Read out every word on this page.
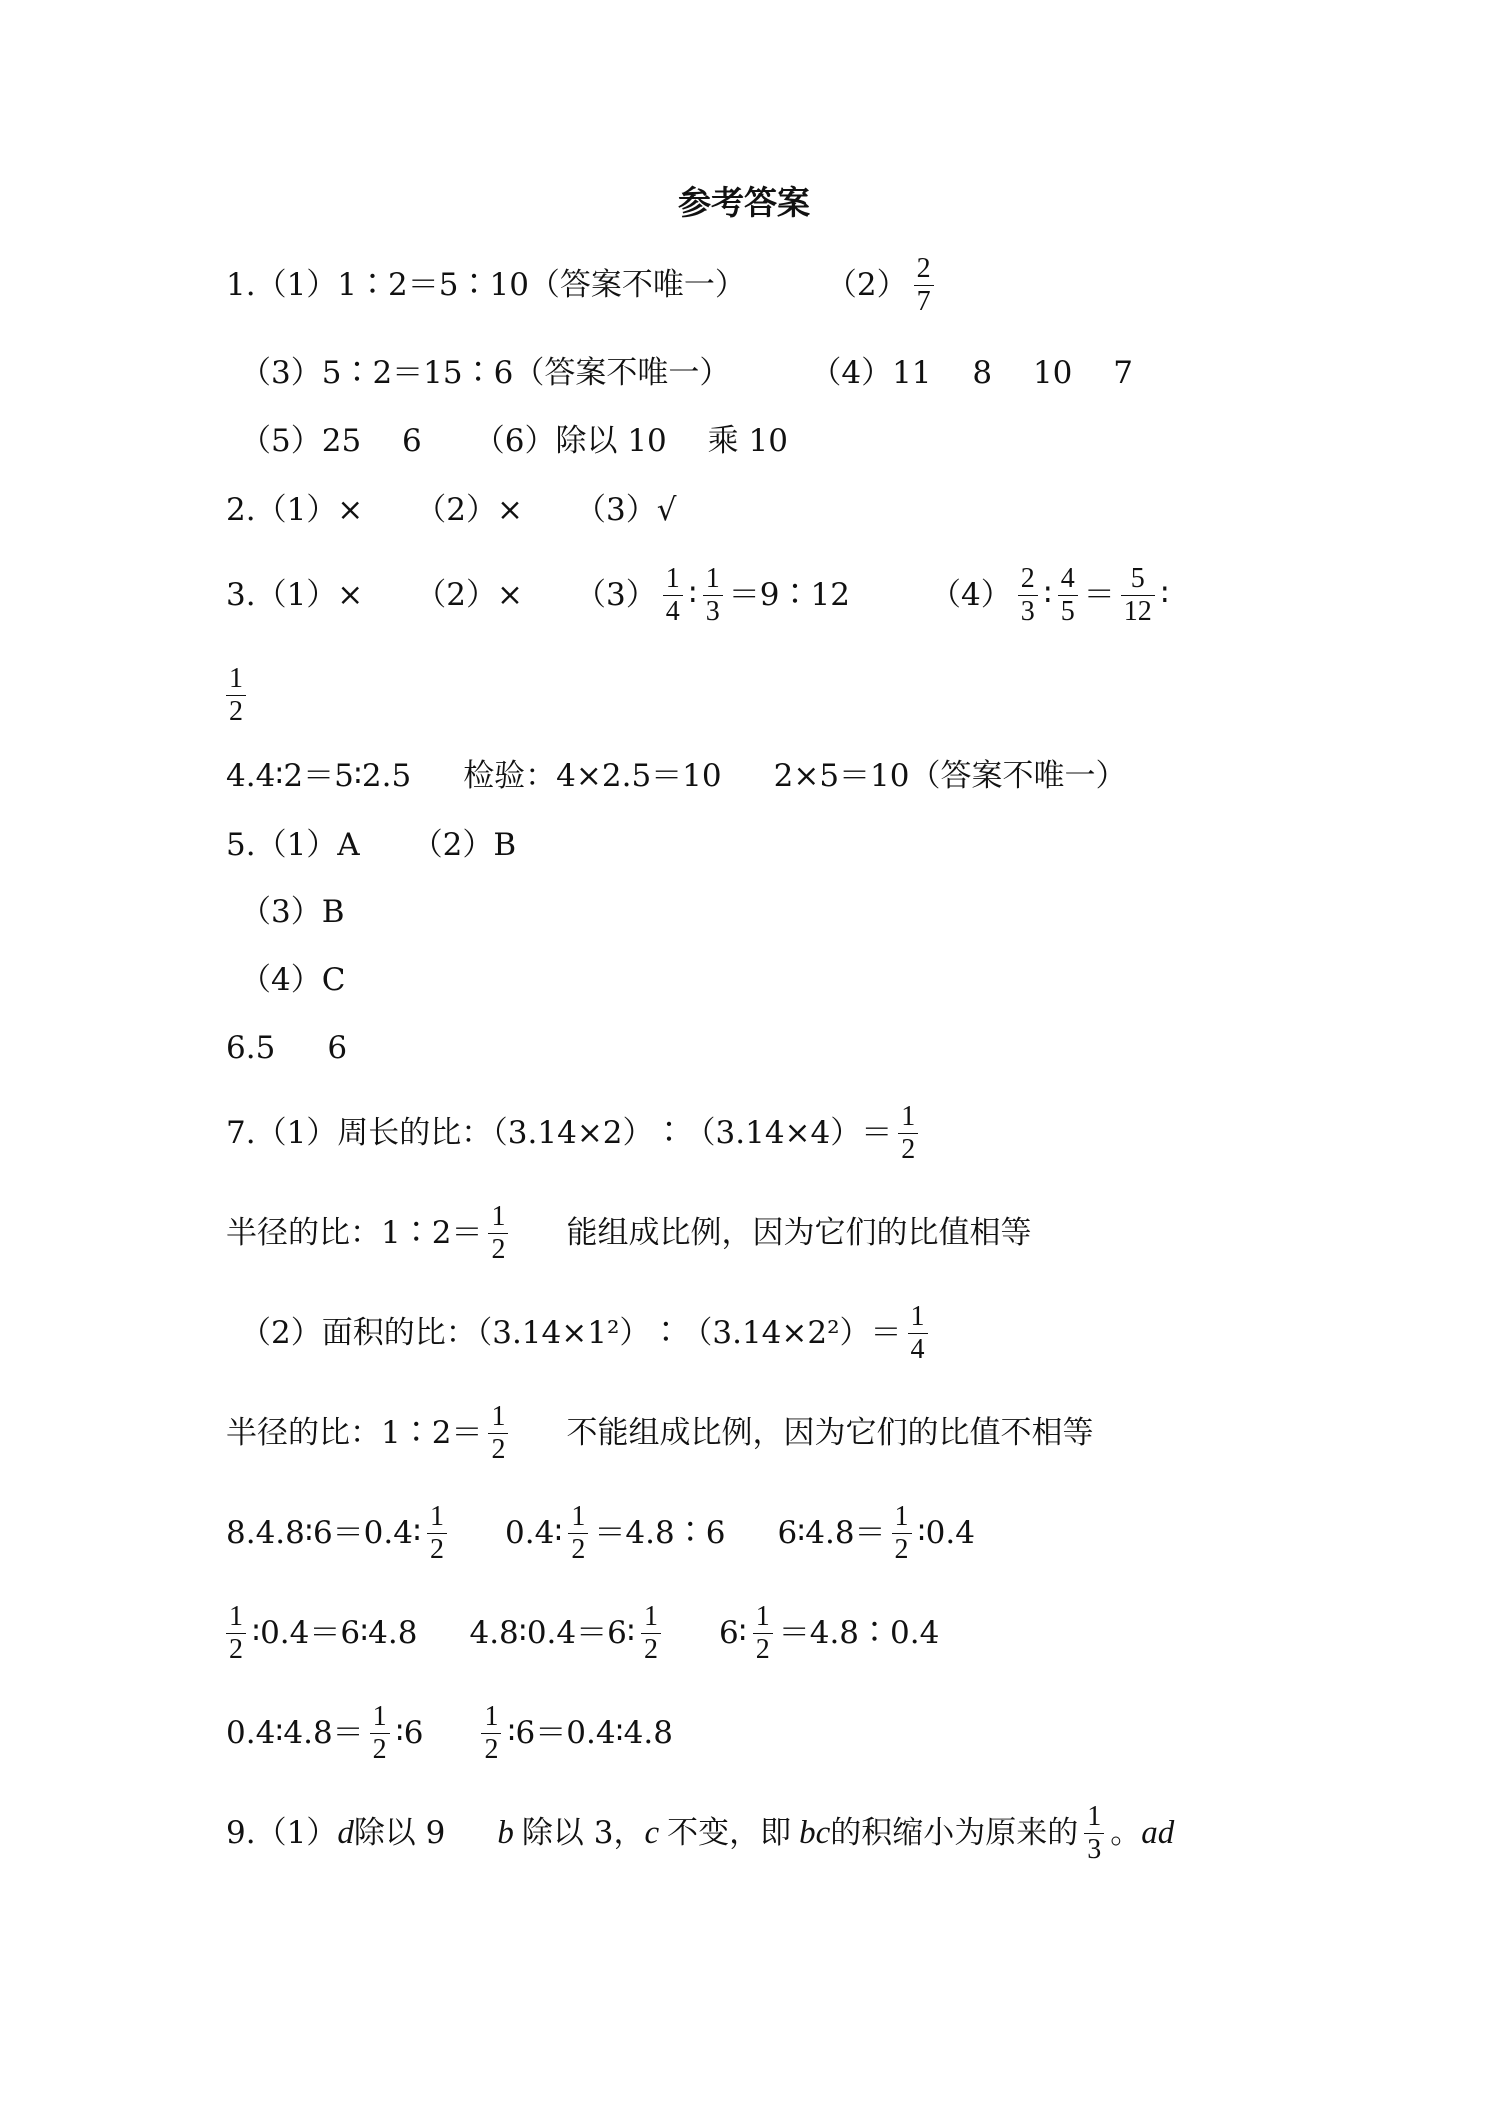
参考答案
1.（1）1∶2＝5∶10（答案不唯一）	$(2) \frac{2}{7}$
（3）5∶2＝15∶6（答案不唯一）	（4）11　 8　 10　 7
（5）25　 6 （6）除以 10　 乘 10
2.（1）× （2）× （3）√
$3.(1)\times (2)\times (3) \frac{1}{4}$ ∶ $\frac{1}{3}$ ＝9∶12	$(4) \frac{2}{3}$ ∶ $\frac{4}{5} = \frac{5}{12}$ ∶
$\frac{1}{2}$
4.4∶2＝5∶2.5 检验：4×2.5＝10 2×5＝10（答案不唯一）
5.（1）A （2）B
（3）B
（4）C
6.5 6
7.（1）周长的比：（3.14×2）∶（3.14×4）＝ $\frac{1}{2}$
半径的比：1∶2＝ $\frac{1}{2}$ 能组成比例，因为它们的比值相等
（2）面积的比：（3.14×1²）∶（3.14×2²）＝ $\frac{1}{4}$
半径的比：1∶2＝ $\frac{1}{2}$ 不能组成比例，因为它们的比值不相等
8.4.8∶6＝0.4∶ $\frac{1}{2}$ 0.4∶ $\frac{1}{2}$ ＝4.8∶6 6∶4.8＝ $\frac{1}{2}$ ∶0.4
$\frac{1}{2}$ ∶0.4＝6∶4.8 4.8∶0.4＝6∶ $\frac{1}{2}$ 6∶ $\frac{1}{2}$ ＝4.8∶0.4
0.4∶4.8＝ $\frac{1}{2}$ ∶6 $\frac{1}{2}$ ∶6＝0.4∶4.8
9.（1） d 除以 9 b 除以 3， c 不变，即 bc 的积缩小为原来的 $\frac{1}{3}$ 。 ad
